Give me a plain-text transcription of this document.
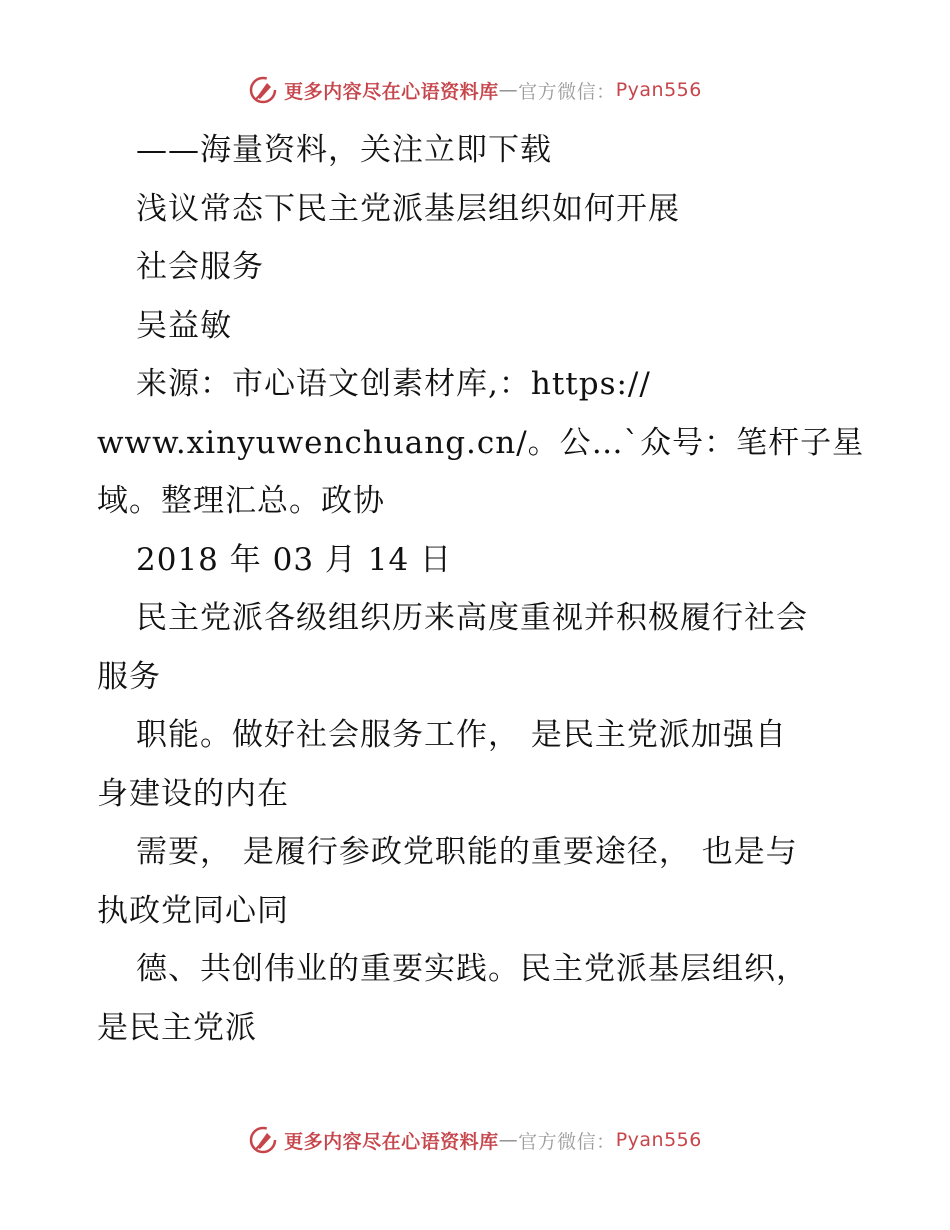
更多内容尽在心语资料库 — 官方微信： Pyan556
——海量资料，关注立即下载
浅议常态下民主党派基层组织如何开展
社会服务
吴益敏
来源：市心语文创素材库,：https://
www.xinyuwenchuang.cn/。公…`众号：笔杆子星
域。整理汇总。政协
2018 年 03 月 14 日
民主党派各级组织历来高度重视并积极履行社会
服务
职能。做好社会服务工作， 是民主党派加强自
身建设的内在
需要， 是履行参政党职能的重要途径， 也是与
执政党同心同
德、共创伟业的重要实践。民主党派基层组织，
是民主党派
更多内容尽在心语资料库 — 官方微信： Pyan556
